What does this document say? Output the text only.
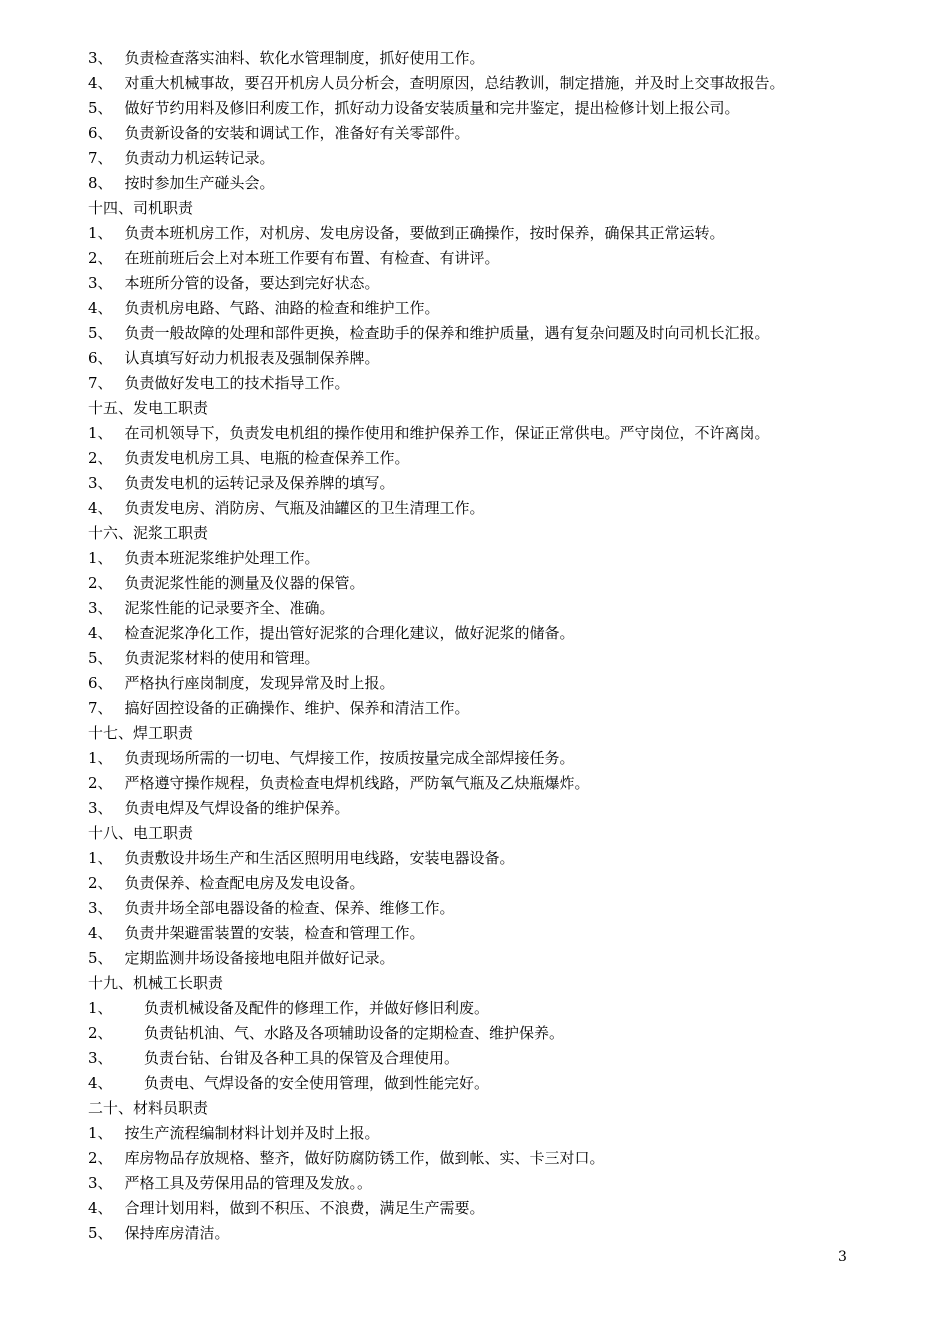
3、 负责检查落实油料、软化水管理制度，抓好使用工作。
4、 对重大机械事故，要召开机房人员分析会，查明原因，总结教训，制定措施，并及时上交事故报告。
5、 做好节约用料及修旧利废工作，抓好动力设备安装质量和完井鉴定，提出检修计划上报公司。
6、 负责新设备的安装和调试工作，准备好有关零部件。
7、 负责动力机运转记录。
8、 按时参加生产碰头会。
十四、司机职责
1、 负责本班机房工作，对机房、发电房设备，要做到正确操作，按时保养，确保其正常运转。
2、 在班前班后会上对本班工作要有布置、有检查、有讲评。
3、 本班所分管的设备，要达到完好状态。
4、 负责机房电路、气路、油路的检查和维护工作。
5、 负责一般故障的处理和部件更换，检查助手的保养和维护质量，遇有复杂问题及时向司机长汇报。
6、 认真填写好动力机报表及强制保养牌。
7、 负责做好发电工的技术指导工作。
十五、发电工职责
1、 在司机领导下，负责发电机组的操作使用和维护保养工作，保证正常供电。严守岗位，不许离岗。
2、 负责发电机房工具、电瓶的检查保养工作。
3、 负责发电机的运转记录及保养牌的填写。
4、 负责发电房、消防房、气瓶及油罐区的卫生清理工作。
十六、泥浆工职责
1、 负责本班泥浆维护处理工作。
2、 负责泥浆性能的测量及仪器的保管。
3、 泥浆性能的记录要齐全、准确。
4、 检查泥浆净化工作，提出管好泥浆的合理化建议，做好泥浆的储备。
5、 负责泥浆材料的使用和管理。
6、 严格执行座岗制度，发现异常及时上报。
7、 搞好固控设备的正确操作、维护、保养和清洁工作。
十七、焊工职责
1、 负责现场所需的一切电、气焊接工作，按质按量完成全部焊接任务。
2、 严格遵守操作规程，负责检查电焊机线路，严防氧气瓶及乙炔瓶爆炸。
3、 负责电焊及气焊设备的维护保养。
十八、电工职责
1、 负责敷设井场生产和生活区照明用电线路，安装电器设备。
2、 负责保养、检查配电房及发电设备。
3、 负责井场全部电器设备的检查、保养、维修工作。
4、 负责井架避雷装置的安装，检查和管理工作。
5、 定期监测井场设备接地电阻并做好记录。
十九、机械工长职责
1、 负责机械设备及配件的修理工作，并做好修旧利废。
2、 负责钻机油、气、水路及各项辅助设备的定期检查、维护保养。
3、 负责台钻、台钳及各种工具的保管及合理使用。
4、 负责电、气焊设备的安全使用管理，做到性能完好。
二十、材料员职责
1、 按生产流程编制材料计划并及时上报。
2、 库房物品存放规格、整齐，做好防腐防锈工作，做到帐、实、卡三对口。
3、 严格工具及劳保用品的管理及发放。。
4、 合理计划用料，做到不积压、不浪费，满足生产需要。
5、 保持库房清洁。
3
